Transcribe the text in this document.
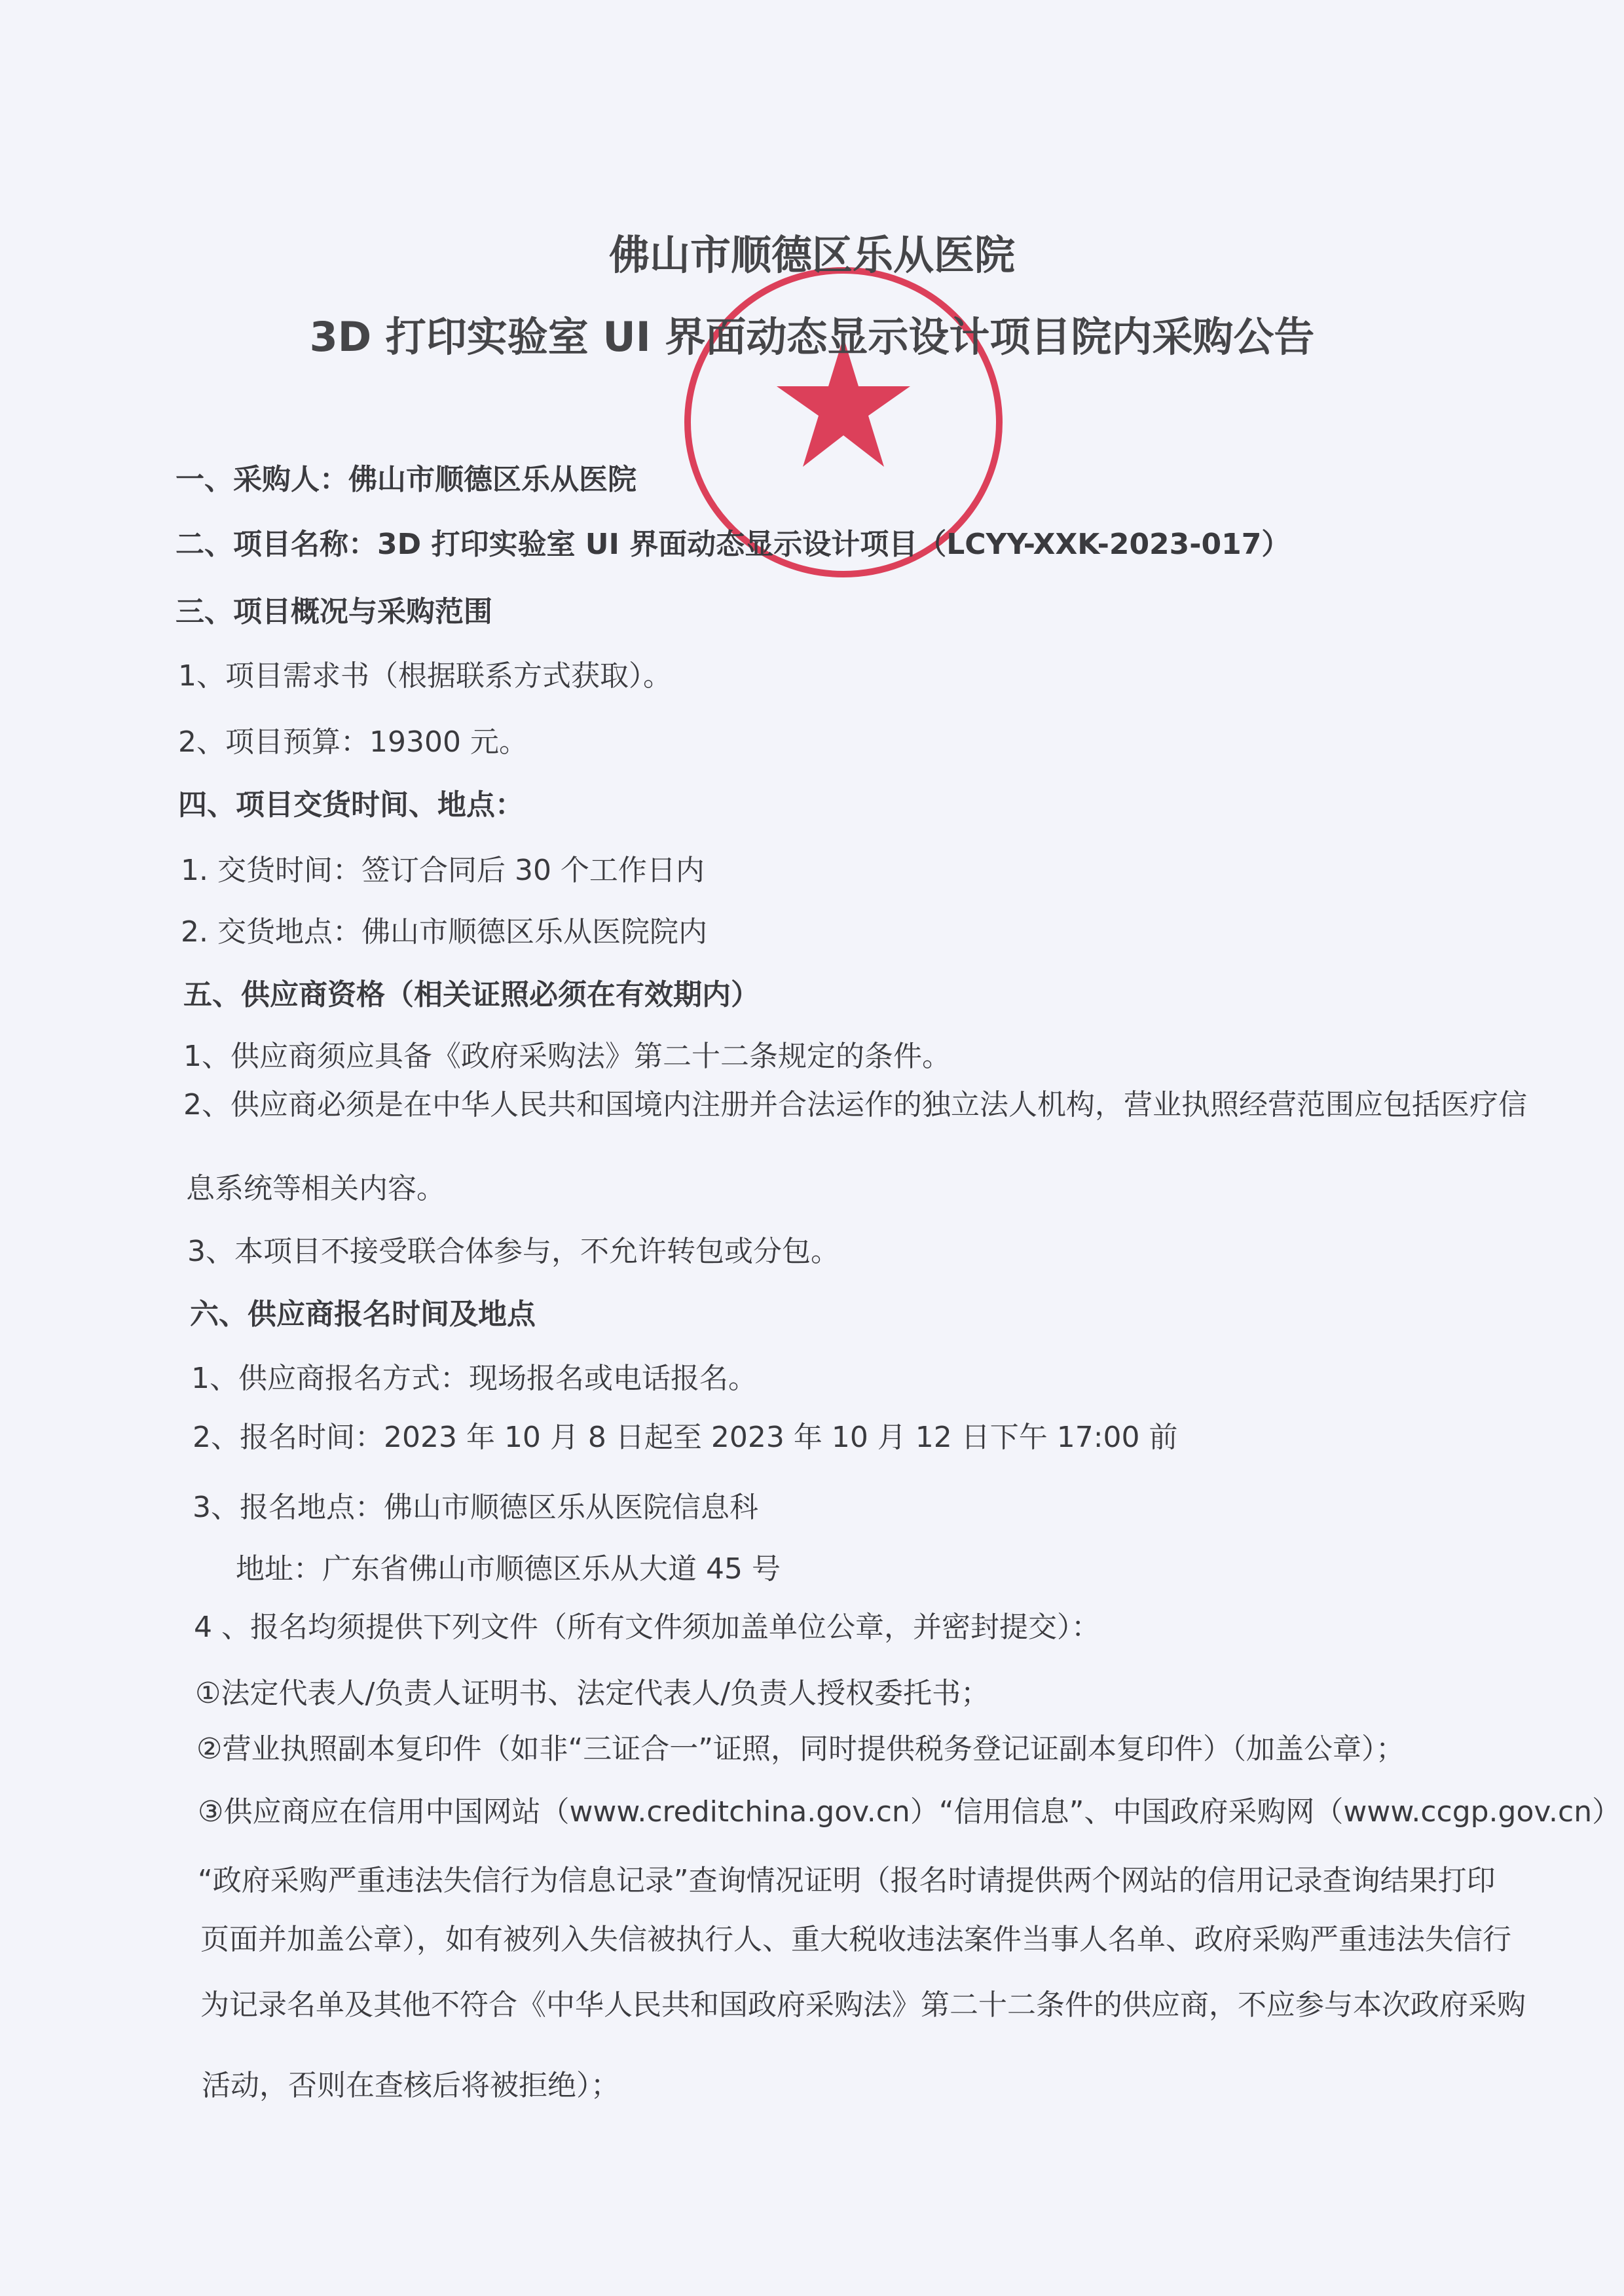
佛山市顺德区乐从医院
3D 打印实验室 UI 界面动态显示设计项目院内采购公告
一、采购人：佛山市顺德区乐从医院
二、项目名称：3D 打印实验室 UI 界面动态显示设计项目（LCYY-XXK-2023-017）
三、项目概况与采购范围
1、项目需求书（根据联系方式获取）。
2、项目预算：19300 元。
四、项目交货时间、地点：
1. 交货时间：签订合同后 30 个工作日内
2. 交货地点：佛山市顺德区乐从医院院内
五、供应商资格（相关证照必须在有效期内）
1、供应商须应具备《政府采购法》第二十二条规定的条件。
2、供应商必须是在中华人民共和国境内注册并合法运作的独立法人机构，营业执照经营范围应包括医疗信
息系统等相关内容。
3、本项目不接受联合体参与，不允许转包或分包。
六、供应商报名时间及地点
1、供应商报名方式：现场报名或电话报名。
2、报名时间：2023 年 10 月 8 日起至 2023 年 10 月 12 日下午 17:00 前
3、报名地点：佛山市顺德区乐从医院信息科
地址：广东省佛山市顺德区乐从大道 45 号
4 、报名均须提供下列文件（所有文件须加盖单位公章，并密封提交）：
①法定代表人/负责人证明书、法定代表人/负责人授权委托书；
②营业执照副本复印件（如非“三证合一”证照，同时提供税务登记证副本复印件）（加盖公章）；
③供应商应在信用中国网站（www.creditchina.gov.cn）“信用信息”、中国政府采购网（www.ccgp.gov.cn）
“政府采购严重违法失信行为信息记录”查询情况证明（报名时请提供两个网站的信用记录查询结果打印
页面并加盖公章），如有被列入失信被执行人、重大税收违法案件当事人名单、政府采购严重违法失信行
为记录名单及其他不符合《中华人民共和国政府采购法》第二十二条件的供应商，不应参与本次政府采购
活动，否则在查核后将被拒绝）；
